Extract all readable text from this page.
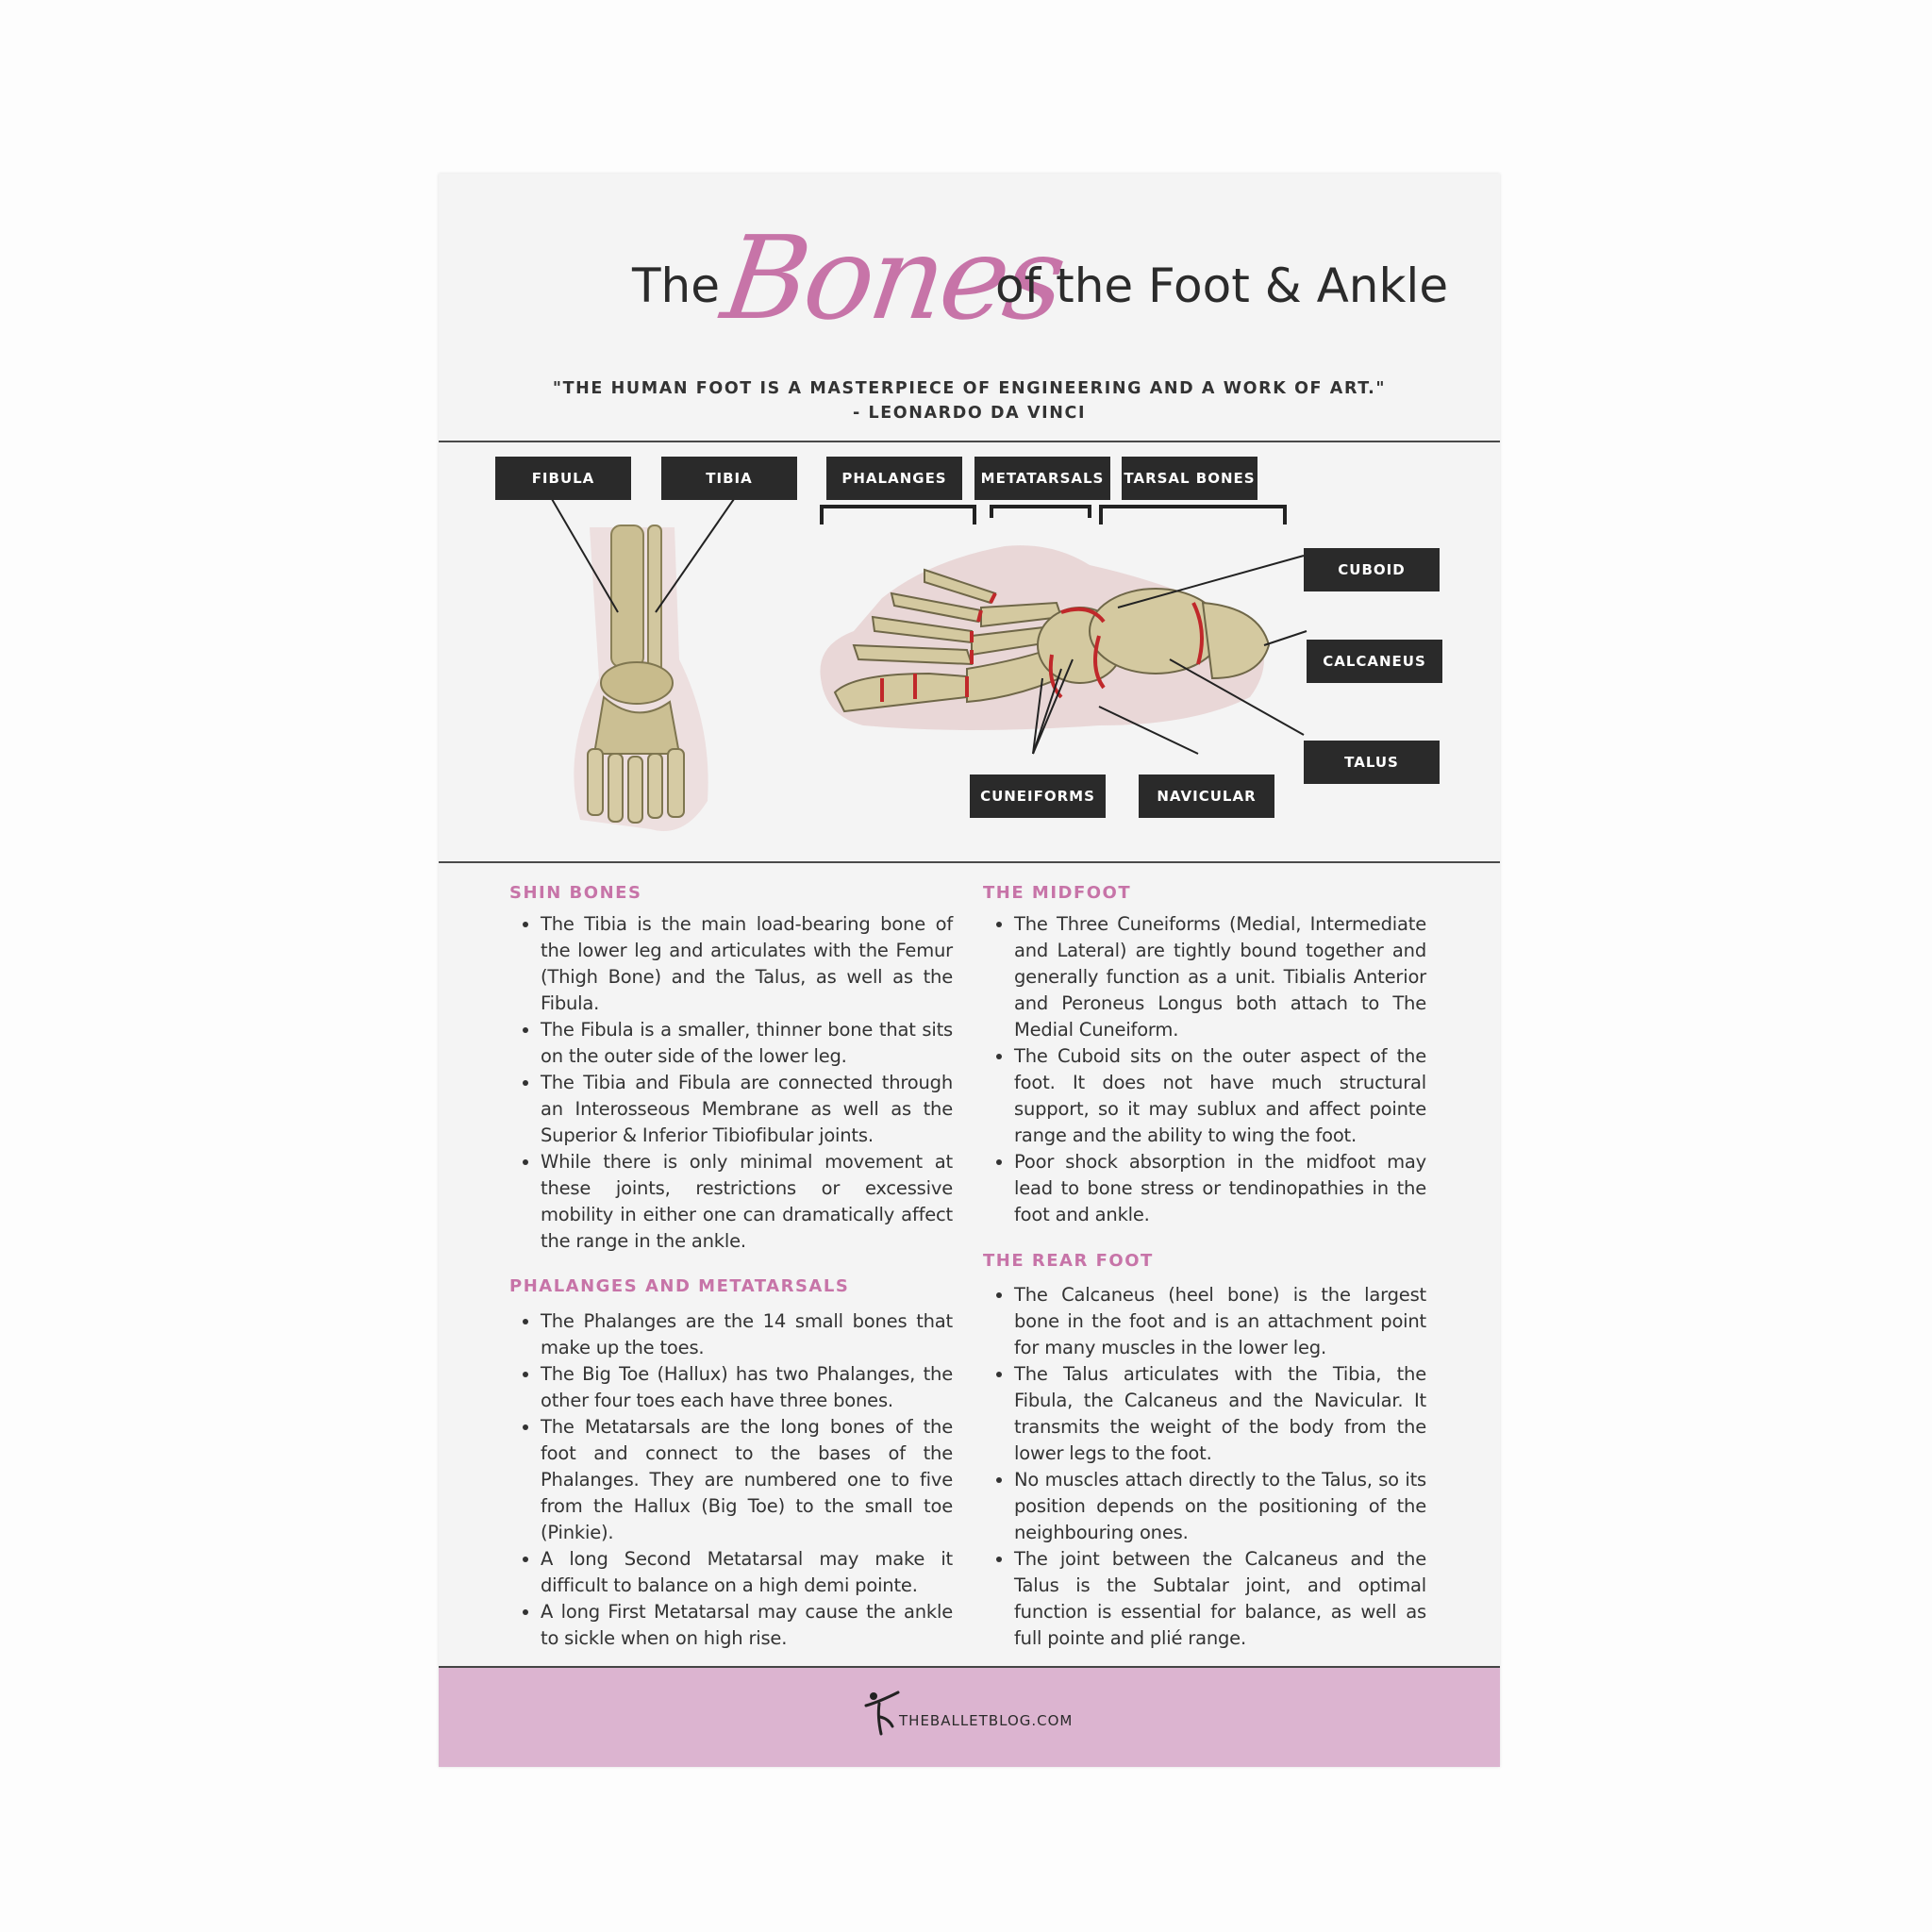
The
Bones
of the Foot & Ankle
"THE HUMAN FOOT IS A MASTERPIECE OF ENGINEERING AND A WORK OF ART."
- LEONARDO DA VINCI
FIBULA	TIBIA	PHALANGES	METATARSALS	TARSAL BONES
CUBOID
CALCANEUS
TALUS
CUNEIFORMS	NAVICULAR
SHIN BONES
• The Tibia is the main load-bearing bone of the lower leg and articulates with the Femur (Thigh Bone) and the Talus, as well as the Fibula.
• The Fibula is a smaller, thinner bone that sits on the outer side of the lower leg.
• The Tibia and Fibula are connected through an Interosseous Membrane as well as the Superior & Inferior Tibiofibular joints.
• While there is only minimal movement at these joints, restrictions or excessive mobility in either one can dramatically affect the range in the ankle.
PHALANGES AND METATARSALS
• The Phalanges are the 14 small bones that make up the toes.
• The Big Toe (Hallux) has two Phalanges, the other four toes each have three bones.
• The Metatarsals are the long bones of the foot and connect to the bases of the Phalanges. They are numbered one to five from the Hallux (Big Toe) to the small toe (Pinkie).
• A long Second Metatarsal may make it difficult to balance on a high demi pointe.
• A long First Metatarsal may cause the ankle to sickle when on high rise.
THE MIDFOOT
• The Three Cuneiforms (Medial, Intermediate and Lateral) are tightly bound together and generally function as a unit. Tibialis Anterior and Peroneus Longus both attach to The Medial Cuneiform.
• The Cuboid sits on the outer aspect of the foot. It does not have much structural support, so it may sublux and affect pointe range and the ability to wing the foot.
• Poor shock absorption in the midfoot may lead to bone stress or tendinopathies in the foot and ankle.
THE REAR FOOT
• The Calcaneus (heel bone) is the largest bone in the foot and is an attachment point for many muscles in the lower leg.
• The Talus articulates with the Tibia, the Fibula, the Calcaneus and the Navicular. It transmits the weight of the body from the lower legs to the foot.
• No muscles attach directly to the Talus, so its position depends on the positioning of the neighbouring ones.
• The joint between the Calcaneus and the Talus is the Subtalar joint, and optimal function is essential for balance, as well as full pointe and plié range.
THEBALLETBLOG.COM
